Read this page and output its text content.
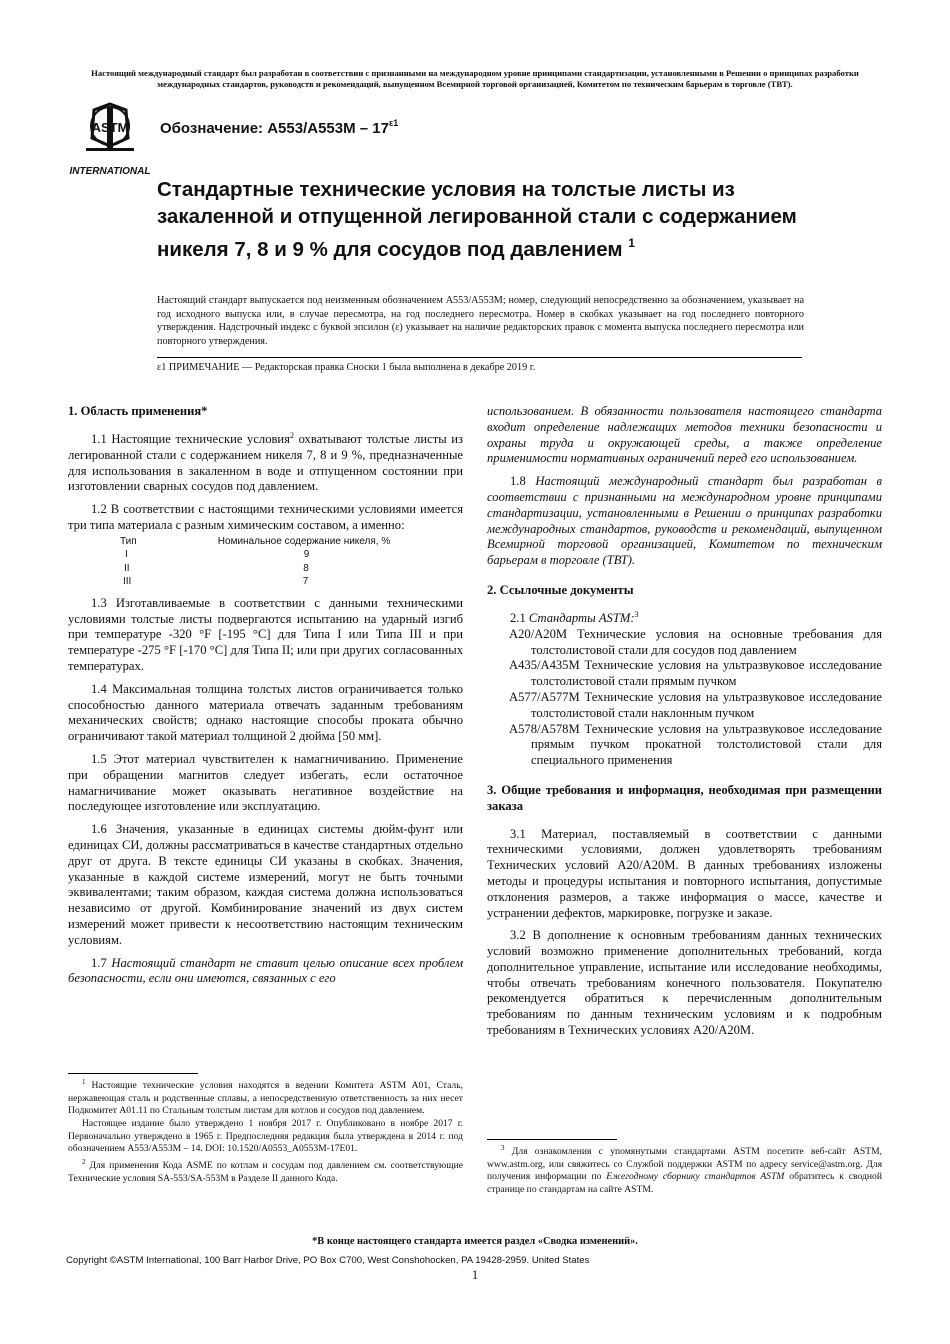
Настоящий международный стандарт был разработан в соответствии с признанными на международном уровне принципами стандартизации, установленными в Решении о принципах разработки международных стандартов, руководств и рекомендаций, выпущенном Всемирной торговой организацией, Комитетом по техническим барьерам в торговле (ТВТ).
ASTM
INTERNATIONAL
Обозначение: $A553/A553M - 17^{\varepsilon 1}$
Стандартные технические условия на толстые листы из закаленной и отпущенной легированной стали с содержанием никеля 7, 8 и 9 % для сосудов под давлением $^1$
Настоящий стандарт выпускается под неизменным обозначением A553/A553M; номер, следующий непосредственно за обозначением, указывает на год исходного выпуска или, в случае пересмотра, на год последнего пересмотра. Номер в скобках указывает на год последнего повторного утверждения. Надстрочный индекс с буквой эпсилон (ε) указывает на наличие редакторских правок с момента выпуска последнего пересмотра или повторного утверждения.
ε1 ПРИМЕЧАНИЕ — Редакторская правка Сноски 1 была выполнена в декабре 2019 г.
1. Область применения*

1.1 Настоящие технические условия$^2$ охватывают толстые листы из легированной стали с содержанием никеля 7, 8 и 9 %, предназначенные для использования в закаленном в воде и отпущенном состоянии при изготовлении сварных сосудов под давлением.

1.2 В соответствии с настоящими техническими условиями имеется три типа материала с разным химическим составом, а именно:

Тип	Номинальное содержание никеля, %
I	9
II	8
III	7

1.3 Изготавливаемые в соответствии с данными техническими условиями толстые листы подвергаются испытанию на ударный изгиб при температуре -320 °F [-195 °C] для Типа I или Типа III и при температуре -275 °F [-170 °C] для Типа II; или при других согласованных температурах.

1.4 Максимальная толщина толстых листов ограничивается только способностью данного материала отвечать заданным требованиям механических свойств; однако настоящие способы проката обычно ограничивают такой материал толщиной 2 дюйма [50 мм].

1.5 Этот материал чувствителен к намагничиванию. Применение при обращении магнитов следует избегать, если остаточное намагничивание может оказывать негативное воздействие на последующее изготовление или эксплуатацию.

1.6 Значения, указанные в единицах системы дюйм-фунт или единицах СИ, должны рассматриваться в качестве стандартных отдельно друг от друга. В тексте единицы СИ указаны в скобках. Значения, указанные в каждой системе измерений, могут не быть точными эквивалентами; таким образом, каждая система должна использоваться независимо от другой. Комбинирование значений из двух систем измерений может привести к несоответствию настоящим техническим условиям.

1.7 Настоящий стандарт не ставит целью описание всех проблем безопасности, если они имеются, связанных с его

$^1$ Настоящие технические условия находятся в ведении Комитета ASTM A01, Сталь, нержавеющая сталь и родственные сплавы, а непосредственную ответственность за них несет Подкомитет A01.11 по Стальным толстым листам для котлов и сосудов под давлением.

Настоящее издание было утверждено 1 ноября 2017 г. Опубликовано в ноябре 2017 г. Первоначально утверждено в 1965 г. Предпоследняя редакция была утверждена в 2014 г. под обозначением A553/A553M – 14. DOI: 10.1520/A0553_A0553M-17E01.

$^2$ Для применения Кода ASME по котлам и сосудам под давлением см. соответствующие Технические условия SA-553/SA-553M в Разделе II данного Кода.

использованием. В обязанности пользователя настоящего стандарта входит определение надлежащих методов техники безопасности и охраны труда и окружающей среды, а также определение применимости нормативных ограничений перед его использованием.

1.8 Настоящий международный стандарт был разработан в соответствии с признанными на международном уровне принципами стандартизации, установленными в Решении о принципах разработки международных стандартов, руководств и рекомендаций, выпущенном Всемирной торговой организацией, Комитетом по техническим барьерам в торговле (ТВТ).

2. Ссылочные документы

2.1 Стандарты ASTM:$^3$

A20/A20M Технические условия на основные требования для толстолистовой стали для сосудов под давлением

A435/A435M Технические условия на ультразвуковое исследование толстолистовой стали прямым пучком

A577/A577M Технические условия на ультразвуковое исследование толстолистовой стали наклонным пучком

A578/A578M Технические условия на ультразвуковое исследование прямым пучком прокатной толстолистовой стали для специального применения

3. Общие требования и информация, необходимая при размещении заказа

3.1 Материал, поставляемый в соответствии с данными техническими условиями, должен удовлетворять требованиям Технических условий A20/A20M. В данных требованиях изложены методы и процедуры испытания и повторного испытания, допустимые отклонения размеров, а также информация о массе, качестве и устранении дефектов, маркировке, погрузке и заказе.

3.2 В дополнение к основным требованиям данных технических условий возможно применение дополнительных требований, когда дополнительное управление, испытание или исследование необходимы, чтобы отвечать требованиям конечного пользователя. Покупателю рекомендуется обратиться к перечисленным дополнительным требованиям по данным техническим условиям и к подробным требованиям в Технических условиях A20/A20M.

$^3$ Для ознакомления с упомянутыми стандартами ASTM посетите веб-сайт ASTM, www.astm.org, или свяжитесь со Службой поддержки ASTM по адресу service@astm.org. Для получения информации по Ежегодному сборнику стандартов ASTM обратитесь к сводной странице по стандартам на сайте ASTM.

*В конце настоящего стандарта имеется раздел «Сводка изменений».
Copyright ©ASTM International, 100 Barr Harbor Drive, PO Box C700, West Conshohocken, PA 19428-2959. United States
1
